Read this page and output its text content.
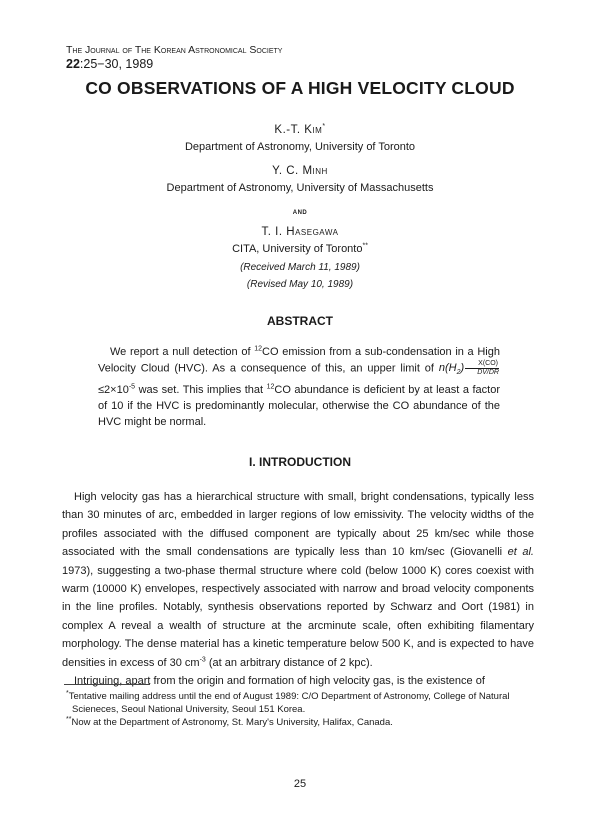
The Journal of The Korean Astronomical Society
22:25−30, 1989
CO OBSERVATIONS OF A HIGH VELOCITY CLOUD
K.-T. Kim*
Department of Astronomy, University of Toronto
Y. C. Minh
Department of Astronomy, University of Massachusetts
and
T. I. Hasegawa
CITA, University of Toronto**
(Received March 11, 1989)
(Revised May 10, 1989)
ABSTRACT

We report a null detection of $^{12}$CO emission from a sub-condensation in a High Velocity Cloud (HVC). As a consequence of this, an upper limit of $n(H_2) \frac{X(CO)}{DV/DR}$
$\le 2\times 10^{-5}$ was set. This implies that $^{12}$CO abundance is deficient by at least a factor of 10 if the HVC is predominantly molecular, otherwise the CO abundance of the HVC might be normal.

I. INTRODUCTION

High velocity gas has a hierarchical structure with small, bright condensations, typically less than 30 minutes of arc, embedded in larger regions of low emissivity. The velocity widths of the profiles associated with the diffused component are typically about 25 km/sec while those associated with the small condensations are typically less than 10 km/sec (Giovanelli et al. 1973), suggesting a two-phase thermal structure where cold (below 1000 K) cores coexist with warm (10000 K) envelopes, respectively associated with narrow and broad velocity components in the line profiles. Notably, synthesis observations reported by Schwarz and Oort (1981) in complex A reveal a wealth of structure at the arcminute scale, often exhibiting filamentary morphology. The dense material has a kinetic temperature below 500 K, and is expected to have densities in excess of 30 $cm^{-3}$ (at an arbitrary distance of 2 kpc).

Intriguing, apart from the origin and formation of high velocity gas, is the existence of

*Tentative mailing address until the end of August 1989: C/O Department of Astronomy, College of Natural Scieneces, Seoul National University, Seoul 151 Korea.

**Now at the Department of Astronomy, St. Mary's University, Halifax, Canada.

25
